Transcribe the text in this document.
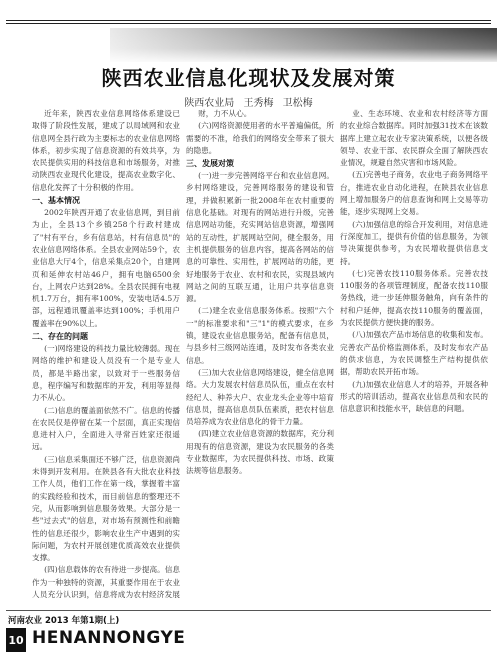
陕西农业信息化现状及发展对策
陕西农业局 王秀梅 卫松梅

近年来，陕西农业信息网络体系建设已取得了阶段性发展，建成了以局域网和农业信息网全县行政为主要标志的农业信息网络体系，初步实现了信息资源的有效共享，为农民提供实用的科技信息和市场服务，对推动陕西农业现代化建设，提高农业数字化、信息化发挥了十分积极的作用。

一、基本情况

2002年陕西开通了农业信息网，到目前为止，全县13个乡镇258个行政村建成了"村有平台，乡有信息站，村有信息员"的农业信息网络体系。全县农业网站59个，农业信息大厅4个，信息采集点20个，自建网页和延伸农村站46户，拥有电脑6500余台，上网农户达到28%。全县农民拥有电视机1.7万台，拥有率100%，安装电话4.5万部，远程通讯覆盖率达到100%；手机用户覆盖率在90%以上。

二、存在的问题

(一)网络建设的科技力量比较薄弱。现在网络的维护和建设人员没有一个是专业人员，都是半路出家，以致对于一些服务信息，程序编写和数据库的开发，利用等显得力不从心。

(二)信息的覆盖面依然不广。信息的传播在农民仅是停留在某一个层面，真正实现信息进村入户，全面进入寻常百姓家还很遥远。

(三)信息采集面还不够广泛，信息资源尚未得到开发利用。在陕县各有大批农业科技工作人员，他们工作在第一线，掌握着丰富的实践经验和技术，而目前信息的整理还不完，从而影响到信息服务效果。大部分是一些"过去式"的信息，对市场有预测性和前瞻性的信息还很少，影响农业生产中遇到的实际问题，为农村开展创建优质高效农业提供支撑。

(四)信息载体的农有待进一步提高。信息作为一种独特的资源，其重要作用在于农业人员充分认识到，信息将成为农村经济发展

财，力不从心。

(六)网络资源使用者的水平普遍偏低，所需要的不准，给我们的网络安全带来了很大的隐患。

三、发展对策

(一)进一步完善网络平台和农业信息网。乡村网络建设，完善网络服务的建设和管理，并做积累新一批2008年在农村重要的信息化基础。对现有的网站进行升级，完善信息网站功能，充实网站信息资源，增强网站的互动性，扩展网站空间，健全服务，用主机提供服务的信息内容，提高各网站的信息的可靠性、实用性，扩展网站的功能，更好地服务于农业、农村和农民，实现县域内网站之间的互联互通，让用户共享信息资源。

(二)建全农业信息服务体系。按照"六个一"的标准要求和"三"1"的模式要求，在乡镇，建设农业信息服务站，配备有信息员，与县乡村三级网站连通，及时发布各类农业信息。

(三)加大农业信息网络建设，健全信息网络。大力发展农村信息员队伍，重点在农村经纪人、种养大户、农业龙头企业等中培育信息员，提高信息员队伍素质，把农村信息员培养成为农业信息化的骨干力量。

(四)建立农业信息资源的数据库，充分利用现有的信息资源，建设为农民服务的各类专业数据库，为农民提供科技、市场、政策法规等信息服务。

业、生态环境、农业和农村经济等方面的农业综合数据库。同时加强31技术在该数据库上建立起农业专家决策系统，以便各级领导、农业干部、农民群众全面了解陕西农业情况，规避自然灾害和市场风险。

(五)完善电子商务，农业电子商务网络平台，推进农业自动化进程，在陕县农业信息网上增加服务户的信息查询和网上交易等功能，逐步实现网上交易。

(六)加强信息的综合开发利用，对信息进行深度加工，提供有价值的信息服务，为领导决策提供参考，为农民增收提供信息支持。

(七)完善农技110服务体系。完善农技110服务的各项管理制度，配备农技110服务热线，进一步延伸服务触角，向有条件的村和户延伸，提高农技110服务的覆盖面，为农民提供方便快捷的服务。

(八)加强农产品市场信息的收集和发布。完善农产品价格监测体系，及时发布农产品的供求信息，为农民调整生产结构提供依据，帮助农民开拓市场。

(九)加强农业信息人才的培养，开展各种形式的培训活动，提高农业信息员和农民的信息意识和技能水平，缺信息的问题。

河南农业 2013 年第1期(上)
10 HENANNONGYE
